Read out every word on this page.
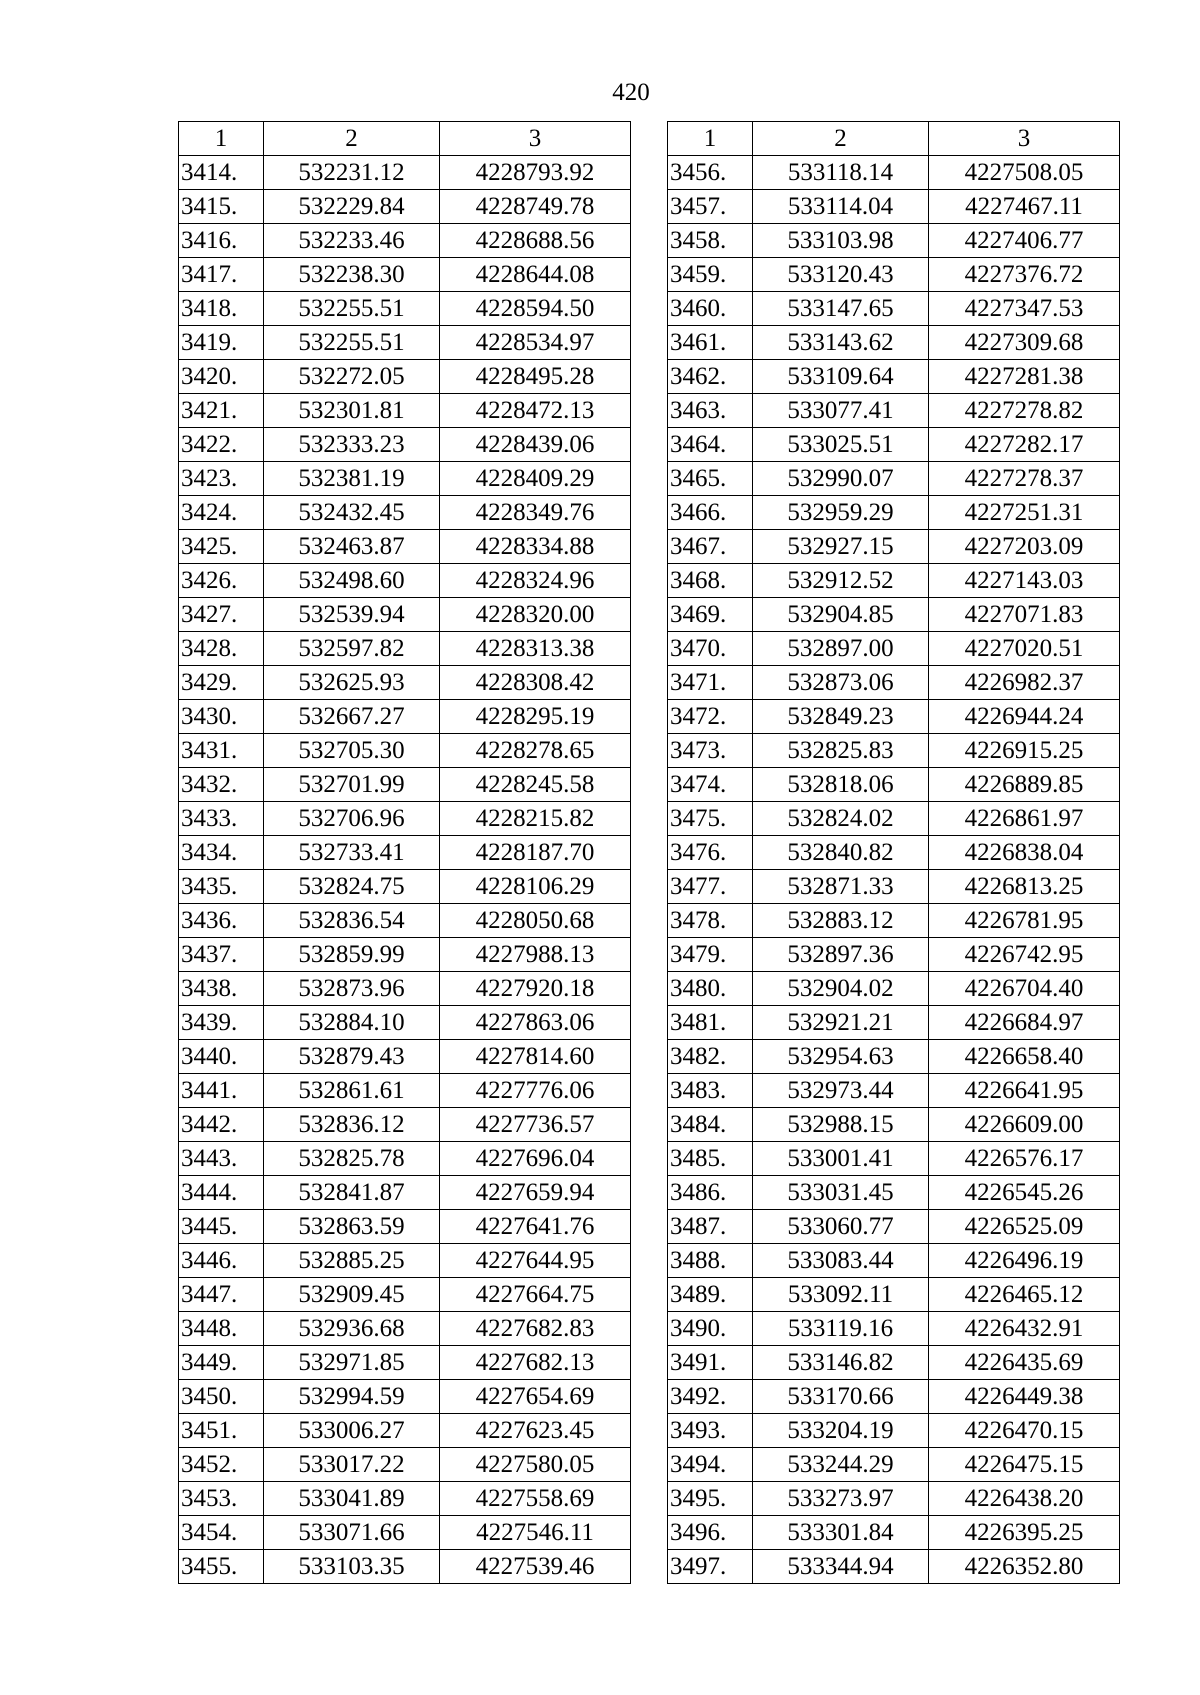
420
1	2	3
3414.	532231.12	4228793.92
3415.	532229.84	4228749.78
3416.	532233.46	4228688.56
3417.	532238.30	4228644.08
3418.	532255.51	4228594.50
3419.	532255.51	4228534.97
3420.	532272.05	4228495.28
3421.	532301.81	4228472.13
3422.	532333.23	4228439.06
3423.	532381.19	4228409.29
3424.	532432.45	4228349.76
3425.	532463.87	4228334.88
3426.	532498.60	4228324.96
3427.	532539.94	4228320.00
3428.	532597.82	4228313.38
3429.	532625.93	4228308.42
3430.	532667.27	4228295.19
3431.	532705.30	4228278.65
3432.	532701.99	4228245.58
3433.	532706.96	4228215.82
3434.	532733.41	4228187.70
3435.	532824.75	4228106.29
3436.	532836.54	4228050.68
3437.	532859.99	4227988.13
3438.	532873.96	4227920.18
3439.	532884.10	4227863.06
3440.	532879.43	4227814.60
3441.	532861.61	4227776.06
3442.	532836.12	4227736.57
3443.	532825.78	4227696.04
3444.	532841.87	4227659.94
3445.	532863.59	4227641.76
3446.	532885.25	4227644.95
3447.	532909.45	4227664.75
3448.	532936.68	4227682.83
3449.	532971.85	4227682.13
3450.	532994.59	4227654.69
3451.	533006.27	4227623.45
3452.	533017.22	4227580.05
3453.	533041.89	4227558.69
3454.	533071.66	4227546.11
3455.	533103.35	4227539.46
1	2	3
3456.	533118.14	4227508.05
3457.	533114.04	4227467.11
3458.	533103.98	4227406.77
3459.	533120.43	4227376.72
3460.	533147.65	4227347.53
3461.	533143.62	4227309.68
3462.	533109.64	4227281.38
3463.	533077.41	4227278.82
3464.	533025.51	4227282.17
3465.	532990.07	4227278.37
3466.	532959.29	4227251.31
3467.	532927.15	4227203.09
3468.	532912.52	4227143.03
3469.	532904.85	4227071.83
3470.	532897.00	4227020.51
3471.	532873.06	4226982.37
3472.	532849.23	4226944.24
3473.	532825.83	4226915.25
3474.	532818.06	4226889.85
3475.	532824.02	4226861.97
3476.	532840.82	4226838.04
3477.	532871.33	4226813.25
3478.	532883.12	4226781.95
3479.	532897.36	4226742.95
3480.	532904.02	4226704.40
3481.	532921.21	4226684.97
3482.	532954.63	4226658.40
3483.	532973.44	4226641.95
3484.	532988.15	4226609.00
3485.	533001.41	4226576.17
3486.	533031.45	4226545.26
3487.	533060.77	4226525.09
3488.	533083.44	4226496.19
3489.	533092.11	4226465.12
3490.	533119.16	4226432.91
3491.	533146.82	4226435.69
3492.	533170.66	4226449.38
3493.	533204.19	4226470.15
3494.	533244.29	4226475.15
3495.	533273.97	4226438.20
3496.	533301.84	4226395.25
3497.	533344.94	4226352.80
